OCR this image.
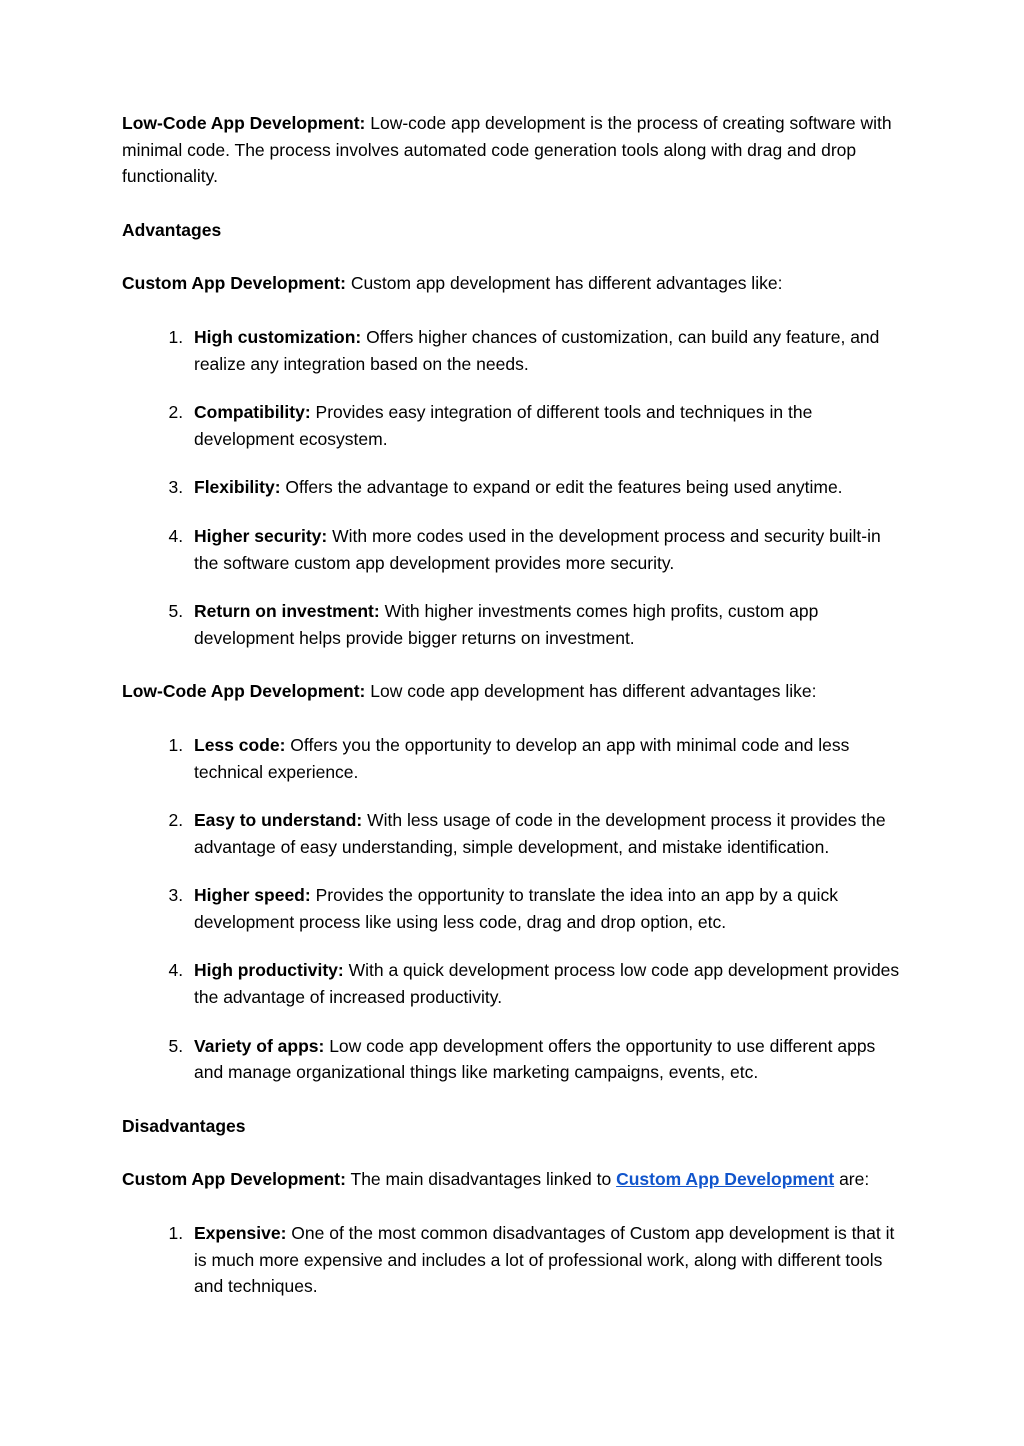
Low-Code App Development: Low-code app development is the process of creating software with minimal code. The process involves automated code generation tools along with drag and drop functionality.

Advantages

Custom App Development: Custom app development has different advantages like:

1. High customization: Offers higher chances of customization, can build any feature, and realize any integration based on the needs.
2. Compatibility: Provides easy integration of different tools and techniques in the development ecosystem.
3. Flexibility: Offers the advantage to expand or edit the features being used anytime.
4. Higher security: With more codes used in the development process and security built-in the software custom app development provides more security.
5. Return on investment: With higher investments comes high profits, custom app development helps provide bigger returns on investment.

Low-Code App Development: Low code app development has different advantages like:

1. Less code: Offers you the opportunity to develop an app with minimal code and less technical experience.
2. Easy to understand: With less usage of code in the development process it provides the advantage of easy understanding, simple development, and mistake identification.
3. Higher speed: Provides the opportunity to translate the idea into an app by a quick development process like using less code, drag and drop option, etc.
4. High productivity: With a quick development process low code app development provides the advantage of increased productivity.
5. Variety of apps: Low code app development offers the opportunity to use different apps and manage organizational things like marketing campaigns, events, etc.

Disadvantages

Custom App Development: The main disadvantages linked to Custom App Development are:

1. Expensive: One of the most common disadvantages of Custom app development is that it is much more expensive and includes a lot of professional work, along with different tools and techniques.
